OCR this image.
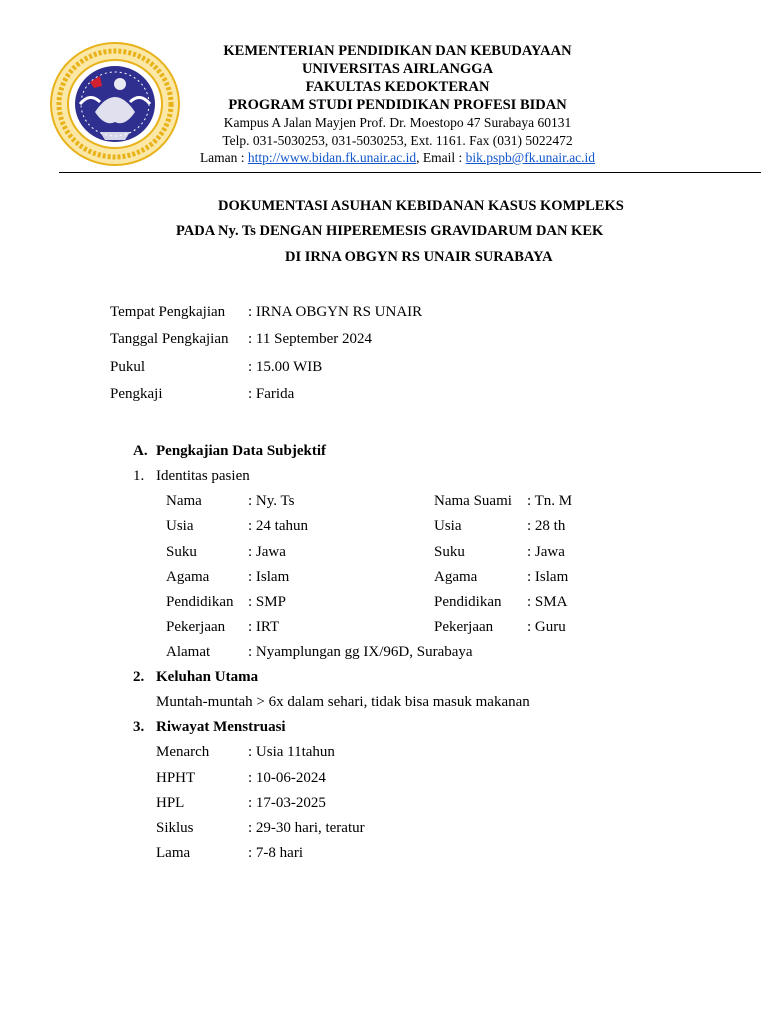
KEMENTERIAN PENDIDIKAN DAN KEBUDAYAAN
UNIVERSITAS AIRLANGGA
FAKULTAS KEDOKTERAN
PROGRAM STUDI PENDIDIKAN PROFESI BIDAN
Kampus A Jalan Mayjen Prof. Dr. Moestopo 47 Surabaya 60131
Telp. 031-5030253, 031-5030253, Ext. 1161. Fax (031) 5022472
Laman : http://www.bidan.fk.unair.ac.id, Email : bik.pspb@fk.unair.ac.id
DOKUMENTASI ASUHAN KEBIDANAN KASUS KOMPLEKS
PADA Ny. Ts DENGAN HIPEREMESIS GRAVIDARUM DAN KEK
DI IRNA OBGYN RS UNAIR SURABAYA
Tempat Pengkajian : IRNA OBGYN RS UNAIR
Tanggal Pengkajian : 11 September 2024
Pukul	: 15.00 WIB
Pengkaji	: Farida
A. Pengkajian Data Subjektif
1. Identitas pasien
Nama	: Ny. Ts	Nama Suami : Tn. M
Usia	: 24 tahun	Usia	: 28 th
Suku	: Jawa	Suku	: Jawa
Agama	: Islam	Agama	: Islam
Pendidikan : SMP	Pendidikan : SMA
Pekerjaan : IRT	Pekerjaan : Guru
Alamat	: Nyamplungan gg IX/96D, Surabaya
2. Keluhan Utama
Muntah-muntah > 6x dalam sehari, tidak bisa masuk makanan
3. Riwayat Menstruasi
Menarch	: Usia 11tahun
HPHT	: 10-06-2024
HPL	: 17-03-2025
Siklus	: 29-30 hari, teratur
Lama	: 7-8 hari
